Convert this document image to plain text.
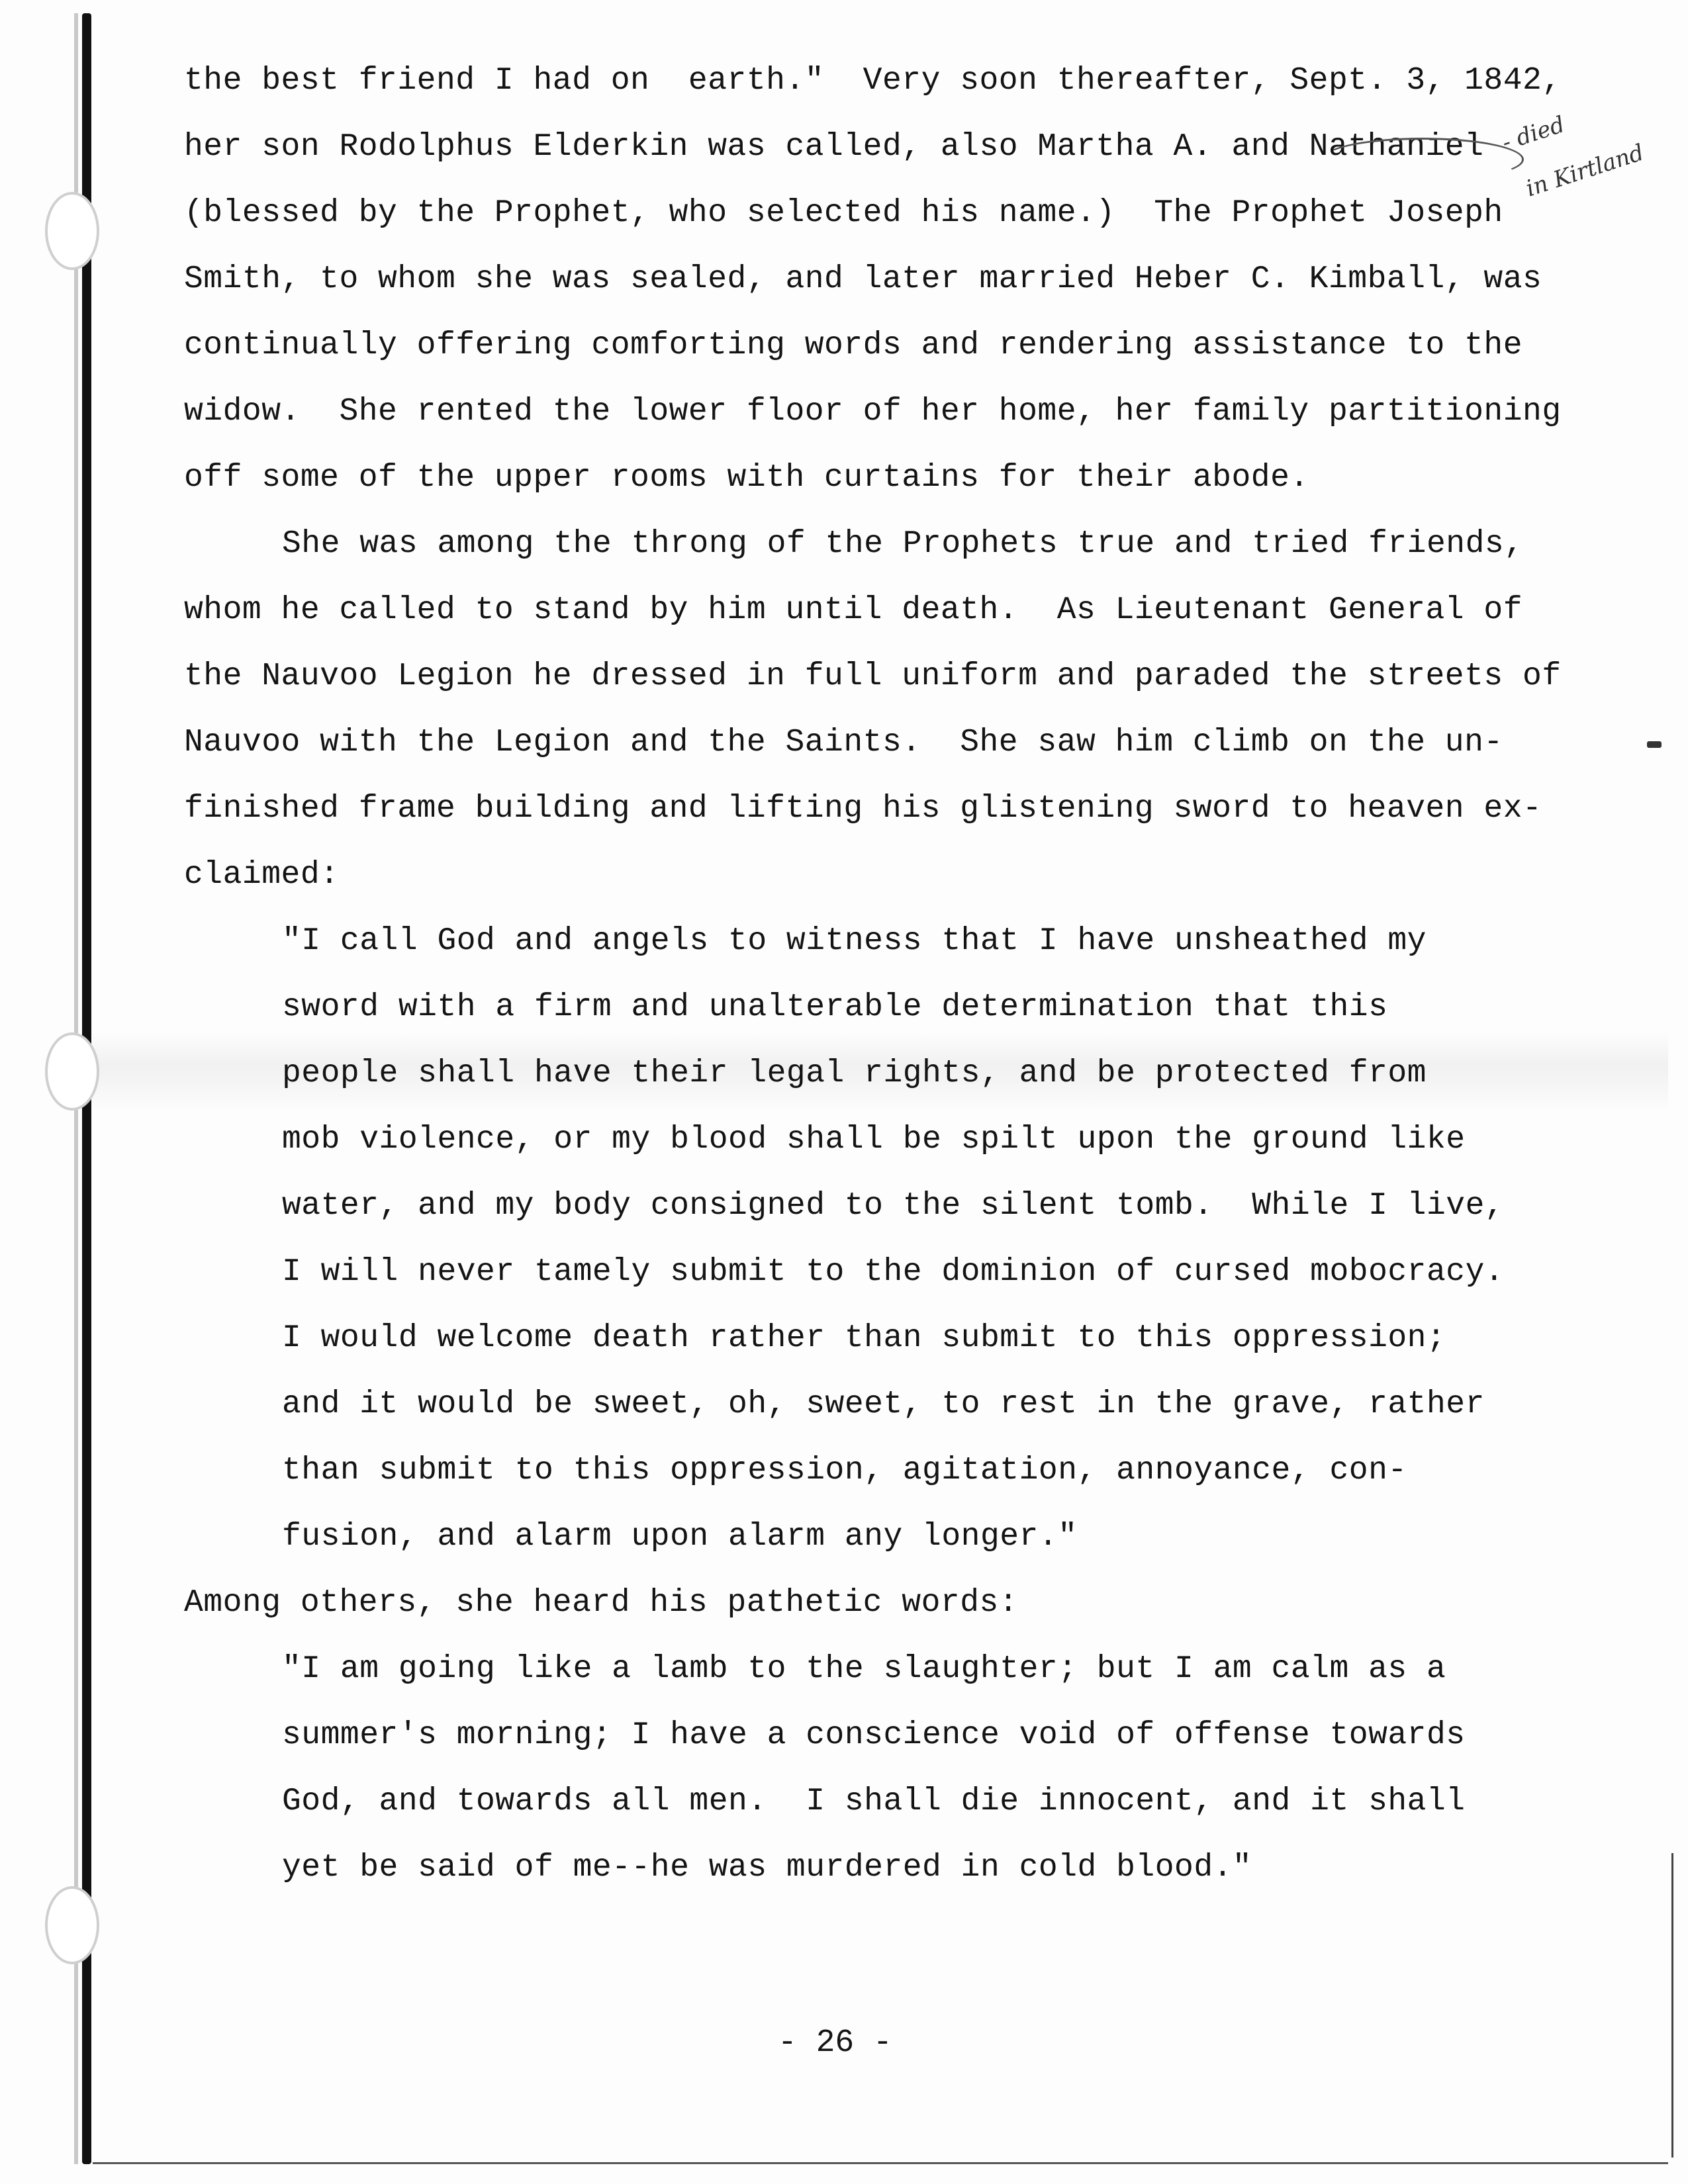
the best friend I had on  earth."  Very soon thereafter, Sept. 3, 1842,
her son Rodolphus Elderkin was called, also Martha A. and Nathaniel
(blessed by the Prophet, who selected his name.)  The Prophet Joseph
Smith, to whom she was sealed, and later married Heber C. Kimball, was
continually offering comforting words and rendering assistance to the
widow.  She rented the lower floor of her home, her family partitioning
off some of the upper rooms with curtains for their abode.
She was among the throng of the Prophets true and tried friends,
whom he called to stand by him until death.  As Lieutenant General of
the Nauvoo Legion he dressed in full uniform and paraded the streets of
Nauvoo with the Legion and the Saints.  She saw him climb on the un-
finished frame building and lifting his glistening sword to heaven ex-
claimed:
"I call God and angels to witness that I have unsheathed my
sword with a firm and unalterable determination that this
people shall have their legal rights, and be protected from
mob violence, or my blood shall be spilt upon the ground like
water, and my body consigned to the silent tomb.  While I live,
I will never tamely submit to the dominion of cursed mobocracy.
I would welcome death rather than submit to this oppression;
and it would be sweet, oh, sweet, to rest in the grave, rather
than submit to this oppression, agitation, annoyance, con-
fusion, and alarm upon alarm any longer."
Among others, she heard his pathetic words:
"I am going like a lamb to the slaughter; but I am calm as a
summer's morning; I have a conscience void of offense towards
God, and towards all men.  I shall die innocent, and it shall
yet be said of me--he was murdered in cold blood."
- died
in Kirtland
- 26 -
